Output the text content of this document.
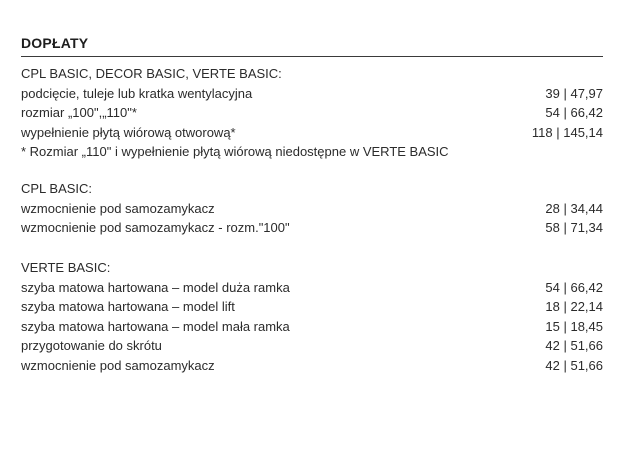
DOPŁATY
CPL BASIC, DECOR BASIC, VERTE BASIC:
podcięcie, tuleje lub kratka wentylacyjna	39 | 47,97
rozmiar „100",„110"*	54 | 66,42
wypełnienie płytą wiórową otworową*	118 | 145,14
* Rozmiar „110" i wypełnienie płytą wiórową niedostępne w VERTE BASIC
CPL BASIC:
wzmocnienie pod samozamykacz	28 | 34,44
wzmocnienie pod samozamykacz - rozm."100"	58 | 71,34
VERTE BASIC:
szyba matowa hartowana – model duża ramka	54 | 66,42
szyba matowa hartowana – model lift	18 | 22,14
szyba matowa hartowana – model mała ramka	15 | 18,45
przygotowanie do skrótu	42 | 51,66
wzmocnienie pod samozamykacz	42 | 51,66
